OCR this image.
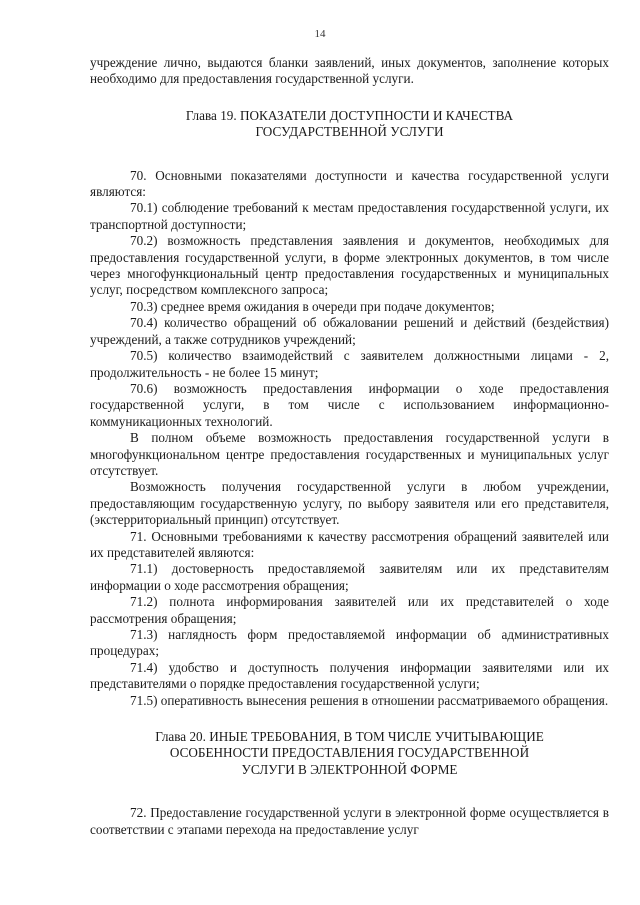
14

учреждение лично, выдаются бланки заявлений, иных документов, заполнение которых необходимо для предоставления государственной услуги.

Глава 19. ПОКАЗАТЕЛИ ДОСТУПНОСТИ И КАЧЕСТВА

ГОСУДАРСТВЕННОЙ УСЛУГИ

70. Основными показателями доступности и качества государственной услуги являются:

70.1) соблюдение требований к местам предоставления государственной услуги, их транспортной доступности;

70.2) возможность представления заявления и документов, необходимых для предоставления государственной услуги, в форме электронных документов, в том числе через многофункциональный центр предоставления государственных и муниципальных услуг, посредством комплексного запроса;

70.3) среднее время ожидания в очереди при подаче документов;

70.4) количество обращений об обжаловании решений и действий (бездействия) учреждений, а также сотрудников учреждений;

70.5) количество взаимодействий с заявителем должностными лицами - 2, продолжительность - не более 15 минут;

70.6) возможность предоставления информации о ходе предоставления государственной услуги, в том числе с использованием информационно-коммуникационных технологий.

В полном объеме возможность предоставления государственной услуги в многофункциональном центре предоставления государственных и муниципальных услуг отсутствует.

Возможность получения государственной услуги в любом учреждении, предоставляющим государственную услугу, по выбору заявителя или его представителя, (экстерриториальный принцип) отсутствует.

71. Основными требованиями к качеству рассмотрения обращений заявителей или их представителей являются:

71.1) достоверность предоставляемой заявителям или их представителям информации о ходе рассмотрения обращения;

71.2) полнота информирования заявителей или их представителей о ходе рассмотрения обращения;

71.3) наглядность форм предоставляемой информации об административных процедурах;

71.4) удобство и доступность получения информации заявителями или их представителями о порядке предоставления государственной услуги;

71.5) оперативность вынесения решения в отношении рассматриваемого обращения.

Глава 20. ИНЫЕ ТРЕБОВАНИЯ, В ТОМ ЧИСЛЕ УЧИТЫВАЮЩИЕ

ОСОБЕННОСТИ ПРЕДОСТАВЛЕНИЯ ГОСУДАРСТВЕННОЙ

УСЛУГИ В ЭЛЕКТРОННОЙ ФОРМЕ

72. Предоставление государственной услуги в электронной форме осуществляется в соответствии с этапами перехода на предоставление услуг
